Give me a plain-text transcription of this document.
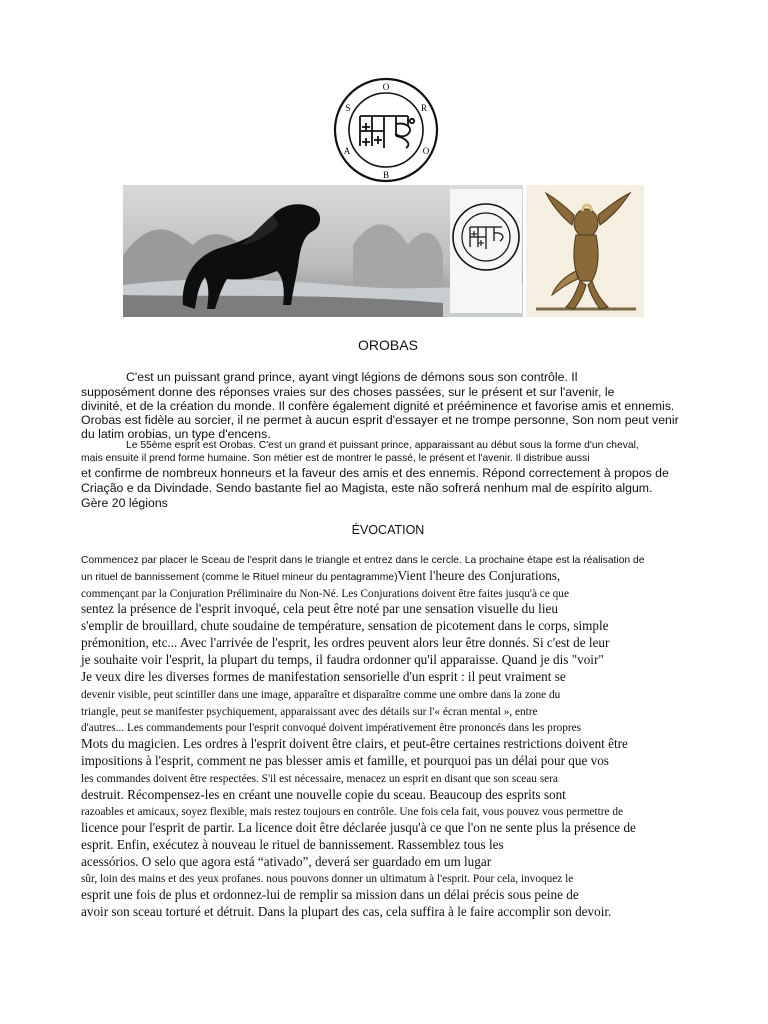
O
R
O
B
A
S
OROBAS
C'est un puissant grand prince, ayant vingt légions de démons sous son contrôle. Il
supposément donne des réponses vraies sur des choses passées, sur le présent et sur l'avenir, le
divinité, et de la création du monde. Il confère également dignité et prééminence et favorise amis et ennemis.
Orobas est fidèle au sorcier, il ne permet à aucun esprit d'essayer et ne trompe personne, Son nom peut venir
du latim orobias, un type d'encens.
Le 55ème esprit est Orobas. C'est un grand et puissant prince, apparaissant au début sous la forme d'un cheval,
mais ensuite il prend forme humaine. Son métier est de montrer le passé, le présent et l'avenir. Il distribue aussi
et confirme de nombreux honneurs et la faveur des amis et des ennemis. Répond correctement à propos de
Criação e da Divindade. Sendo bastante fiel ao Magista, este não sofrerá nenhum mal de espírito algum.
Gère 20 légions
ÉVOCATION
Commencez par placer le Sceau de l'esprit dans le triangle et entrez dans le cercle. La prochaine étape est la réalisation de
un rituel de bannissement (comme le Rituel mineur du pentagramme)Vient l'heure des Conjurations,
commençant par la Conjuration Préliminaire du Non-Né. Les Conjurations doivent être faites jusqu'à ce que
sentez la présence de l'esprit invoqué, cela peut être noté par une sensation visuelle du lieu
s'emplir de brouillard, chute soudaine de température, sensation de picotement dans le corps, simple
prémonition, etc... Avec l'arrivée de l'esprit, les ordres peuvent alors leur être donnés. Si c'est de leur
je souhaite voir l'esprit, la plupart du temps, il faudra ordonner qu'il apparaisse. Quand je dis "voir"
Je veux dire les diverses formes de manifestation sensorielle d'un esprit : il peut vraiment se
devenir visible, peut scintiller dans une image, apparaître et disparaître comme une ombre dans la zone du
triangle, peut se manifester psychiquement, apparaissant avec des détails sur l'« écran mental », entre
d'autres... Les commandements pour l'esprit convoqué doivent impérativement être prononcés dans les propres
Mots du magicien. Les ordres à l'esprit doivent être clairs, et peut-être certaines restrictions doivent être
impositions à l'esprit, comment ne pas blesser amis et famille, et pourquoi pas un délai pour que vos
les commandes doivent être respectées. S'il est nécessaire, menacez un esprit en disant que son sceau sera
destruit. Récompensez-les en créant une nouvelle copie du sceau. Beaucoup des esprits sont
razoables et amicaux, soyez flexible, mais restez toujours en contrôle. Une fois cela fait, vous pouvez vous permettre de
licence pour l'esprit de partir. La licence doit être déclarée jusqu'à ce que l'on ne sente plus la présence de
esprit. Enfin, exécutez à nouveau le rituel de bannissement. Rassemblez tous les
acessórios. O selo que agora está “ativado”, deverá ser guardado em um lugar
sûr, loin des mains et des yeux profanes. nous pouvons donner un ultimatum à l'esprit. Pour cela, invoquez le
esprit une fois de plus et ordonnez-lui de remplir sa mission dans un délai précis sous peine de
avoir son sceau torturé et détruit. Dans la plupart des cas, cela suffira à le faire accomplir son devoir.
